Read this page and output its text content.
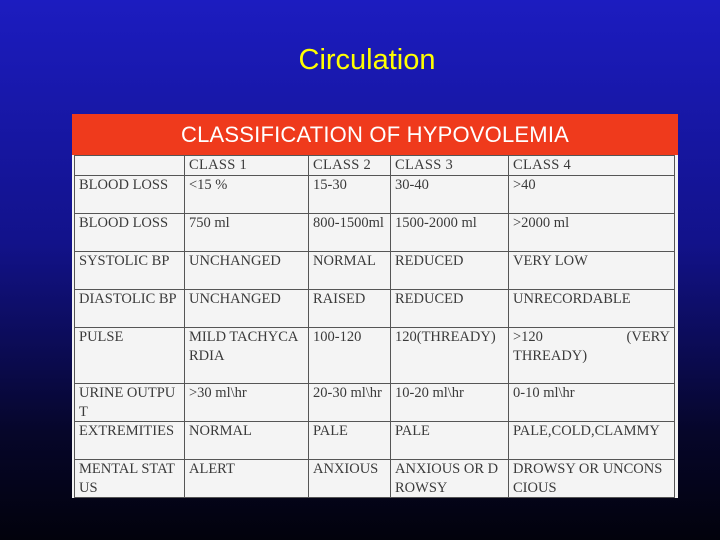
Circulation
CLASSIFICATION OF HYPOVOLEMIA
	CLASS 1	CLASS 2	CLASS 3	CLASS 4
BLOOD LOSS	<15 %	15-30	30-40	>40
BLOOD LOSS	750 ml	800-1500ml	1500-2000 ml	>2000 ml
SYSTOLIC BP	UNCHANGED	NORMAL	REDUCED	VERY LOW
DIASTOLIC BP	UNCHANGED	RAISED	REDUCED	UNRECORDABLE
PULSE	MILD TACHYCARDIA	100-120	120(THREADY)	>120 (VERY
THREADY)

URINE OUTPUT	>30 ml\hr	20-30 ml\hr	10-20 ml\hr	0-10 ml\hr
EXTREMITIES	NORMAL	PALE	PALE	PALE,COLD,CLAMMY
MENTAL STATUS	ALERT	ANXIOUS	ANXIOUS OR DROWSY	DROWSY OR UNCONSCIOUS
